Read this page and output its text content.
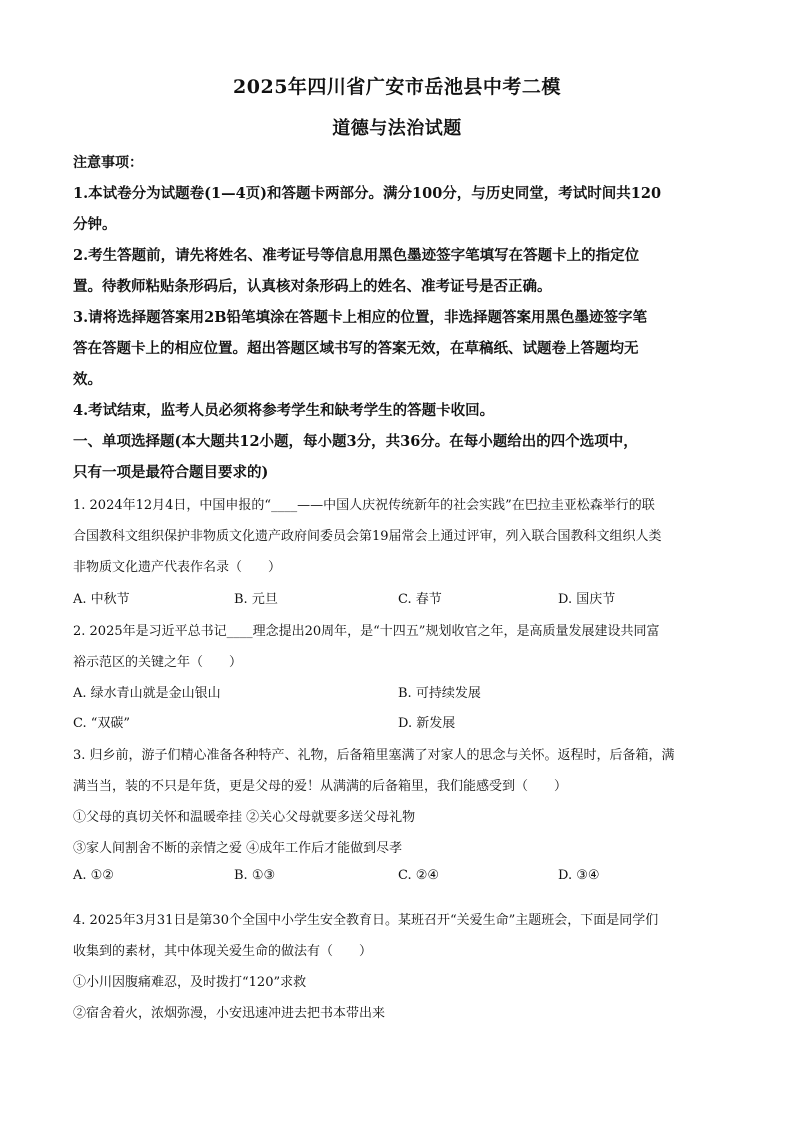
2025年四川省广安市岳池县中考二模
道德与法治试题
注意事项：
1.本试卷分为试题卷(1—4页)和答题卡两部分。满分100分，与历史同堂，考试时间共120
分钟。
2.考生答题前，请先将姓名、准考证号等信息用黑色墨迹签字笔填写在答题卡上的指定位
置。待教师粘贴条形码后，认真核对条形码上的姓名、准考证号是否正确。
3.请将选择题答案用2B铅笔填涂在答题卡上相应的位置，非选择题答案用黑色墨迹签字笔
答在答题卡上的相应位置。超出答题区域书写的答案无效，在草稿纸、试题卷上答题均无
效。
4.考试结束，监考人员必须将参考学生和缺考学生的答题卡收回。
一、单项选择题(本大题共12小题，每小题3分，共36分。在每小题给出的四个选项中，
只有一项是最符合题目要求的)
1. 2024年12月4日，中国申报的“____——中国人庆祝传统新年的社会实践”在巴拉圭亚松森举行的联
合国教科文组织保护非物质文化遗产政府间委员会第19届常会上通过评审，列入联合国教科文组织人类
非物质文化遗产代表作名录（　　）
A. 中秋节	B. 元旦	C. 春节	D. 国庆节
2. 2025年是习近平总书记____理念提出20周年，是“十四五”规划收官之年，是高质量发展建设共同富
裕示范区的关键之年（　　）
A. 绿水青山就是金山银山	B. 可持续发展
C. “双碳”	D. 新发展
3. 归乡前，游子们精心准备各种特产、礼物，后备箱里塞满了对家人的思念与关怀。返程时，后备箱，满
满当当，装的不只是年货，更是父母的爱！从满满的后备箱里，我们能感受到（　　）
①父母的真切关怀和温暖牵挂 ②关心父母就要多送父母礼物
③家人间割舍不断的亲情之爱 ④成年工作后才能做到尽孝
A. ①②	B. ①③	C. ②④	D. ③④
4. 2025年3月31日是第30个全国中小学生安全教育日。某班召开“关爱生命”主题班会，下面是同学们
收集到的素材，其中体现关爱生命的做法有（　　）
①小川因腹痛难忍，及时拨打“120”求救
②宿舍着火，浓烟弥漫，小安迅速冲进去把书本带出来
